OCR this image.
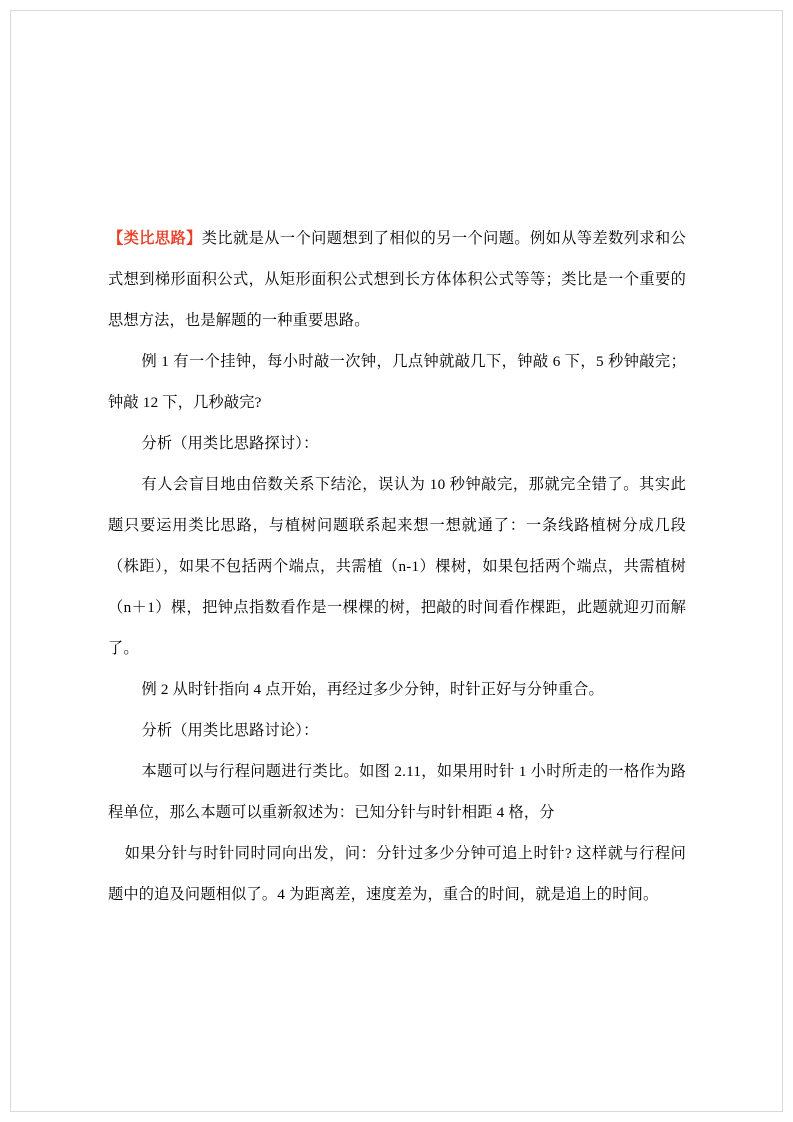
【类比思路】类比就是从一个问题想到了相似的另一个问题。例如从等差数列求和公式想到梯形面积公式，从矩形面积公式想到长方体体积公式等等；类比是一个重要的思想方法，也是解题的一种重要思路。

例 1 有一个挂钟，每小时敲一次钟，几点钟就敲几下，钟敲 6 下，5 秒钟敲完；钟敲 12 下，几秒敲完?

分析（用类比思路探讨）：

有人会盲目地由倍数关系下结沦，误认为 10 秒钟敲完，那就完全错了。其实此题只要运用类比思路，与植树问题联系起来想一想就通了：一条线路植树分成几段（株距），如果不包括两个端点，共需植（n-1）棵树，如果包括两个端点，共需植树（n＋1）棵，把钟点指数看作是一棵棵的树，把敲的时间看作棵距，此题就迎刃而解了。

例 2 从时针指向 4 点开始，再经过多少分钟，时针正好与分钟重合。

分析（用类比思路讨论）：

本题可以与行程问题进行类比。如图 2.11，如果用时针 1 小时所走的一格作为路程单位，那么本题可以重新叙述为：已知分针与时针相距 4 格，分

如果分针与时针同时同向出发，问：分针过多少分钟可追上时针? 这样就与行程问题中的追及问题相似了。4 为距离差，速度差为，重合的时间，就是追上的时间。
